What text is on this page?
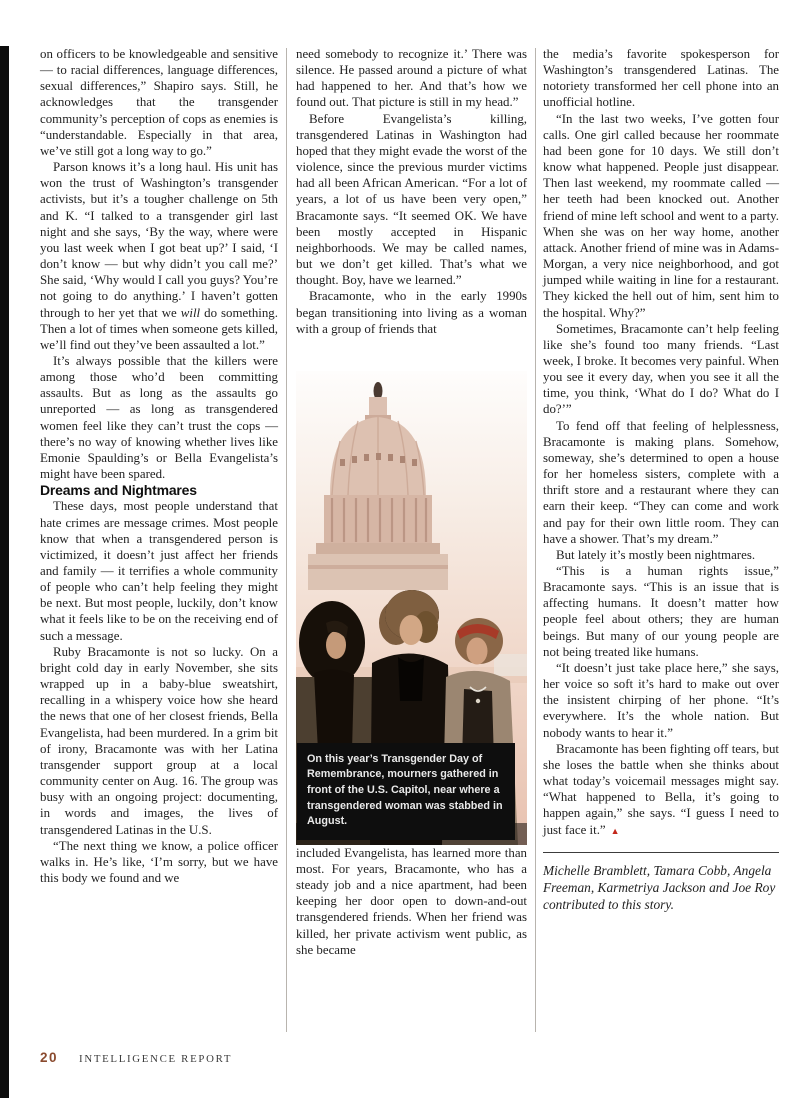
on officers to be knowledgeable and sensitive — to racial differences, language differences, sexual differences,” Shapiro says. Still, he acknowledges that the transgender community’s perception of cops as enemies is “understandable. Especially in that area, we’ve still got a long way to go.”

Parson knows it’s a long haul. His unit has won the trust of Washington’s transgender activists, but it’s a tougher challenge on 5th and K. “I talked to a transgender girl last night and she says, ‘By the way, where were you last week when I got beat up?’ I said, ‘I don’t know — but why didn’t you call me?’ She said, ‘Why would I call you guys? You’re not going to do anything.’ I haven’t gotten through to her yet that we will do something. Then a lot of times when someone gets killed, we’ll find out they’ve been assaulted a lot.”

It’s always possible that the killers were among those who’d been committing assaults. But as long as the assaults go unreported — as long as transgendered women feel like they can’t trust the cops — there’s no way of knowing whether lives like Emonie Spaulding’s or Bella Evangelista’s might have been spared.

Dreams and Nightmares

These days, most people understand that hate crimes are message crimes. Most people know that when a transgendered person is victimized, it doesn’t just affect her friends and family — it terrifies a whole community of people who can’t help feeling they might be next. But most people, luckily, don’t know what it feels like to be on the receiving end of such a message.

Ruby Bracamonte is not so lucky. On a bright cold day in early November, she sits wrapped up in a baby-blue sweatshirt, recalling in a whispery voice how she heard the news that one of her closest friends, Bella Evangelista, had been murdered. In a grim bit of irony, Bracamonte was with her Latina transgender support group at a local community center on Aug. 16. The group was busy with an ongoing project: documenting, in words and images, the lives of transgendered Latinas in the U.S.

“The next thing we know, a police officer walks in. He’s like, ‘I’m sorry, but we have this body we found and we

need somebody to recognize it.’ There was silence. He passed around a picture of what had happened to her. And that’s how we found out. That picture is still in my head.”

Before Evangelista’s killing, transgendered Latinas in Washington had hoped that they might evade the worst of the violence, since the previous murder victims had all been African American. “For a lot of years, a lot of us have been very open,” Bracamonte says. “It seemed OK. We have been mostly accepted in Hispanic neighborhoods. We may be called names, but we don’t get killed. That’s what we thought. Boy, have we learned.”

Bracamonte, who in the early 1990s began transitioning into living as a woman with a group of friends that

On this year’s Transgender Day of Remembrance, mourners gathered in front of the U.S. Capitol, near where a transgendered woman was stabbed in August.

included Evangelista, has learned more than most. For years, Bracamonte, who has a steady job and a nice apartment, had been keeping her door open to down-and-out transgendered friends. When her friend was killed, her private activism went public, as she became

the media’s favorite spokesperson for Washington’s transgendered Latinas. The notoriety transformed her cell phone into an unofficial hotline.

“In the last two weeks, I’ve gotten four calls. One girl called because her roommate had been gone for 10 days. We still don’t know what happened. People just disappear. Then last weekend, my roommate called — her teeth had been knocked out. Another friend of mine left school and went to a party. When she was on her way home, another attack. Another friend of mine was in Adams-Morgan, a very nice neighborhood, and got jumped while waiting in line for a restaurant. They kicked the hell out of him, sent him to the hospital. Why?”

Sometimes, Bracamonte can’t help feeling like she’s found too many friends. “Last week, I broke. It becomes very painful. When you see it every day, when you see it all the time, you think, ‘What do I do? What do I do?’”

To fend off that feeling of helplessness, Bracamonte is making plans. Somehow, someway, she’s determined to open a house for her homeless sisters, complete with a thrift store and a restaurant where they can earn their keep. “They can come and work and pay for their own little room. They can have a shower. That’s my dream.”

But lately it’s mostly been nightmares.

“This is a human rights issue,” Bracamonte says. “This is an issue that is affecting humans. It doesn’t matter how people feel about others; they are human beings. But many of our young people are not being treated like humans.

“It doesn’t just take place here,” she says, her voice so soft it’s hard to make out over the insistent chirping of her phone. “It’s everywhere. It’s the whole nation. But nobody wants to hear it.”

Bracamonte has been fighting off tears, but she loses the battle when she thinks about what today’s voicemail messages might say. “What happened to Bella, it’s going to happen again,” she says. “I guess I need to just face it.” ▲

Michelle Bramblett, Tamara Cobb, Angela Freeman, Karmetriya Jackson and Joe Roy contributed to this story.

20 INTELLIGENCE REPORT
